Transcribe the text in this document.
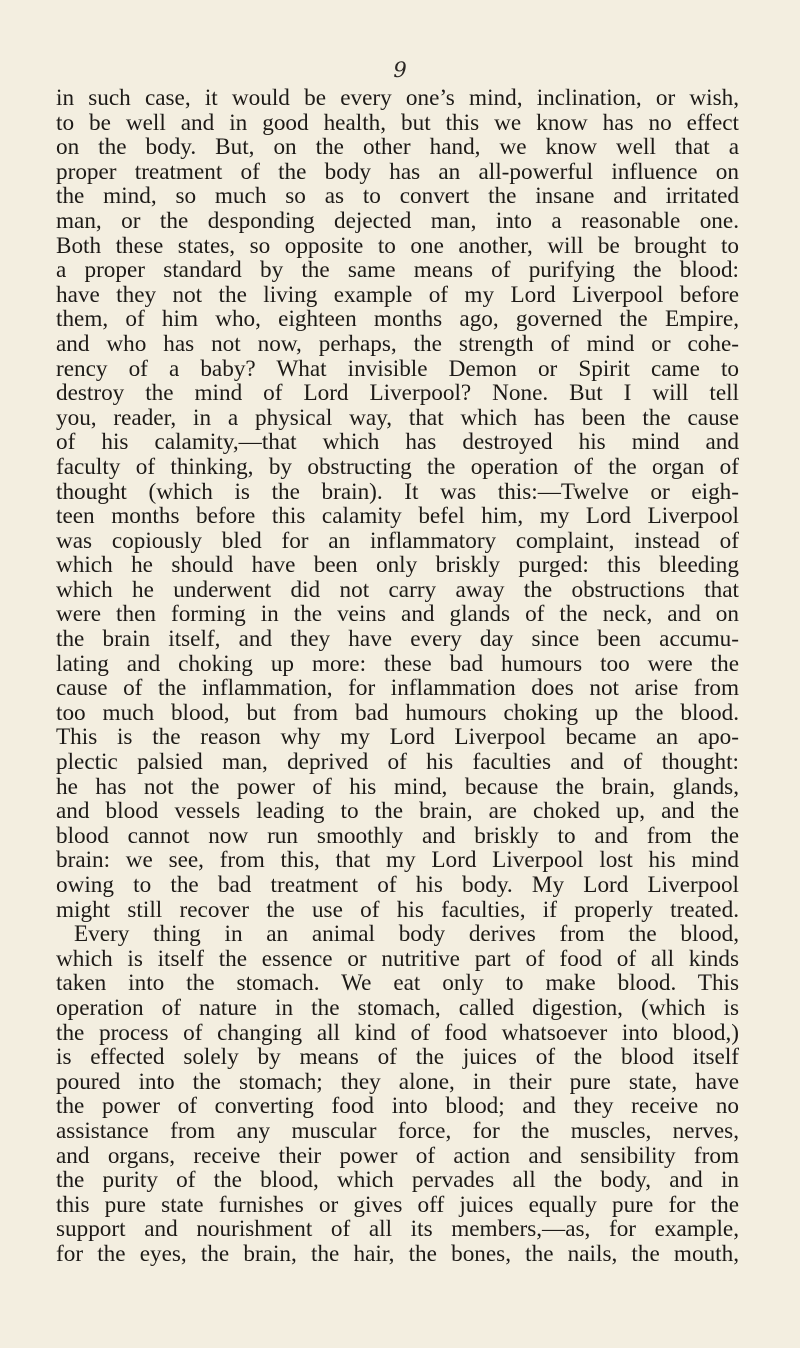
9
in such case, it would be every one’s mind, inclination, or wish,
to be well and in good health, but this we know has no effect
on the body. But, on the other hand, we know well that a
proper treatment of the body has an all-powerful influence on
the mind, so much so as to convert the insane and irritated
man, or the desponding dejected man, into a reasonable one.
Both these states, so opposite to one another, will be brought to
a proper standard by the same means of purifying the blood:
have they not the living example of my Lord Liverpool before
them, of him who, eighteen months ago, governed the Empire,
and who has not now, perhaps, the strength of mind or cohe-
rency of a baby? What invisible Demon or Spirit came to
destroy the mind of Lord Liverpool? None. But I will tell
you, reader, in a physical way, that which has been the cause
of his calamity,—that which has destroyed his mind and
faculty of thinking, by obstructing the operation of the organ of
thought (which is the brain). It was this:—Twelve or eigh-
teen months before this calamity befel him, my Lord Liverpool
was copiously bled for an inflammatory complaint, instead of
which he should have been only briskly purged: this bleeding
which he underwent did not carry away the obstructions that
were then forming in the veins and glands of the neck, and on
the brain itself, and they have every day since been accumu-
lating and choking up more: these bad humours too were the
cause of the inflammation, for inflammation does not arise from
too much blood, but from bad humours choking up the blood.
This is the reason why my Lord Liverpool became an apo-
plectic palsied man, deprived of his faculties and of thought:
he has not the power of his mind, because the brain, glands,
and blood vessels leading to the brain, are choked up, and the
blood cannot now run smoothly and briskly to and from the
brain: we see, from this, that my Lord Liverpool lost his mind
owing to the bad treatment of his body. My Lord Liverpool
might still recover the use of his faculties, if properly treated.
Every thing in an animal body derives from the blood,
which is itself the essence or nutritive part of food of all kinds
taken into the stomach. We eat only to make blood. This
operation of nature in the stomach, called digestion, (which is
the process of changing all kind of food whatsoever into blood,)
is effected solely by means of the juices of the blood itself
poured into the stomach; they alone, in their pure state, have
the power of converting food into blood; and they receive no
assistance from any muscular force, for the muscles, nerves,
and organs, receive their power of action and sensibility from
the purity of the blood, which pervades all the body, and in
this pure state furnishes or gives off juices equally pure for the
support and nourishment of all its members,—as, for example,
for the eyes, the brain, the hair, the bones, the nails, the mouth,
